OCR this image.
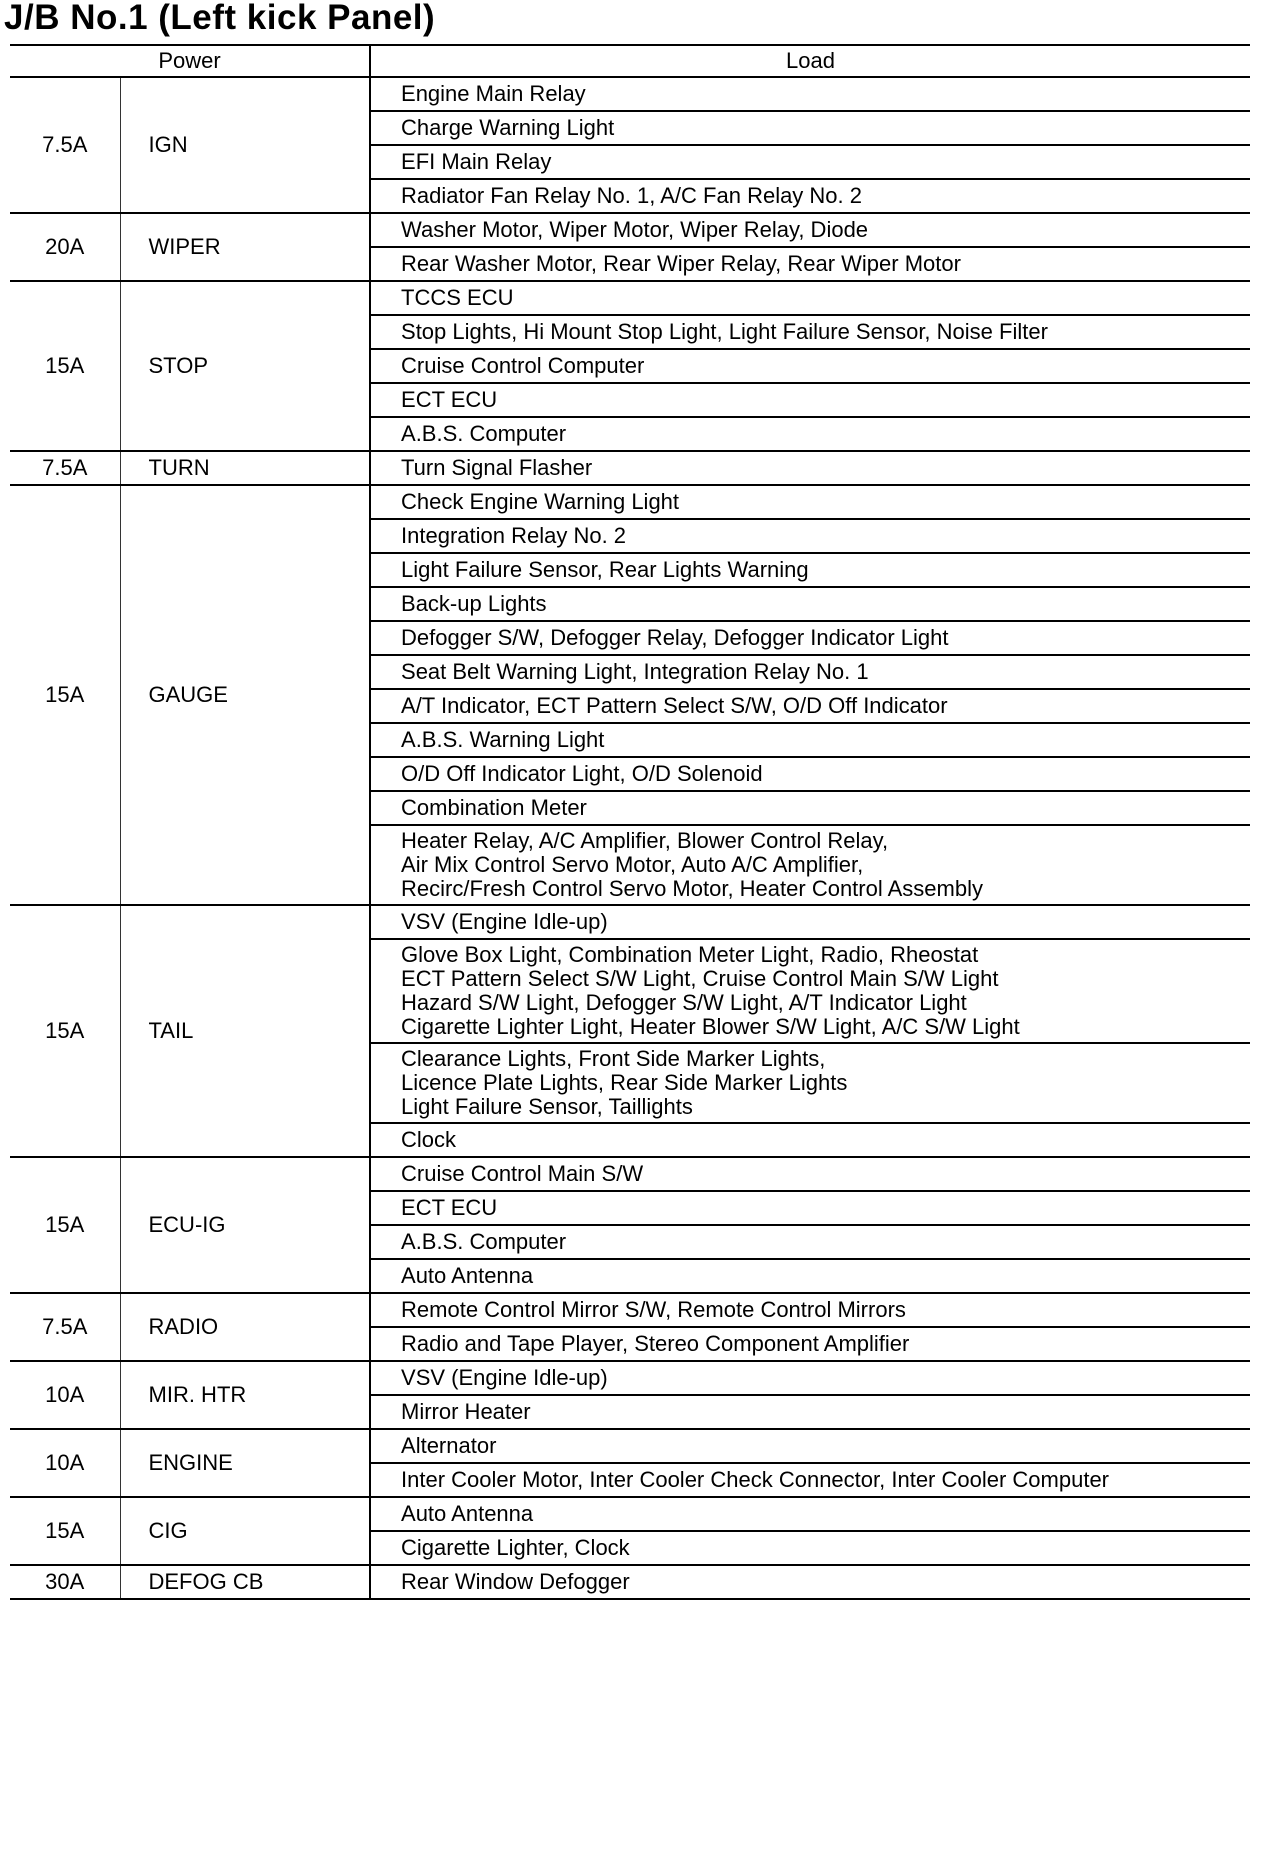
J/B No.1 (Left kick Panel)
Power		Load
7.5A	IGN	Engine Main Relay
		Charge Warning Light
		EFI Main Relay
		Radiator Fan Relay No. 1, A/C Fan Relay No. 2
20A	WIPER	Washer Motor, Wiper Motor, Wiper Relay, Diode
		Rear Washer Motor, Rear Wiper Relay, Rear Wiper Motor
15A	STOP	TCCS ECU
		Stop Lights, Hi Mount Stop Light, Light Failure Sensor, Noise Filter
		Cruise Control Computer
		ECT ECU
		A.B.S. Computer
7.5A	TURN	Turn Signal Flasher
15A	GAUGE	Check Engine Warning Light
		Integration Relay No. 2
		Light Failure Sensor, Rear Lights Warning
		Back-up Lights
		Defogger S/W, Defogger Relay, Defogger Indicator Light
		Seat Belt Warning Light, Integration Relay No. 1
		A/T Indicator, ECT Pattern Select S/W, O/D Off Indicator
		A.B.S. Warning Light
		O/D Off Indicator Light, O/D Solenoid
		Combination Meter
		Heater Relay, A/C Amplifier, Blower Control Relay,
Air Mix Control Servo Motor, Auto A/C Amplifier,
Recirc/Fresh Control Servo Motor, Heater Control Assembly
15A	TAIL	VSV (Engine Idle-up)
		Glove Box Light, Combination Meter Light, Radio, Rheostat
ECT Pattern Select S/W Light, Cruise Control Main S/W Light
Hazard S/W Light, Defogger S/W Light, A/T Indicator Light
Cigarette Lighter Light, Heater Blower S/W Light, A/C S/W Light
		Clearance Lights, Front Side Marker Lights,
Licence Plate Lights, Rear Side Marker Lights
Light Failure Sensor, Taillights
		Clock
15A	ECU-IG	Cruise Control Main S/W
		ECT ECU
		A.B.S. Computer
		Auto Antenna
7.5A	RADIO	Remote Control Mirror S/W, Remote Control Mirrors
		Radio and Tape Player, Stereo Component Amplifier
10A	MIR. HTR	VSV (Engine Idle-up)
		Mirror Heater
10A	ENGINE	Alternator
		Inter Cooler Motor, Inter Cooler Check Connector, Inter Cooler Computer
15A	CIG	Auto Antenna
		Cigarette Lighter, Clock
30A	DEFOG CB	Rear Window Defogger
